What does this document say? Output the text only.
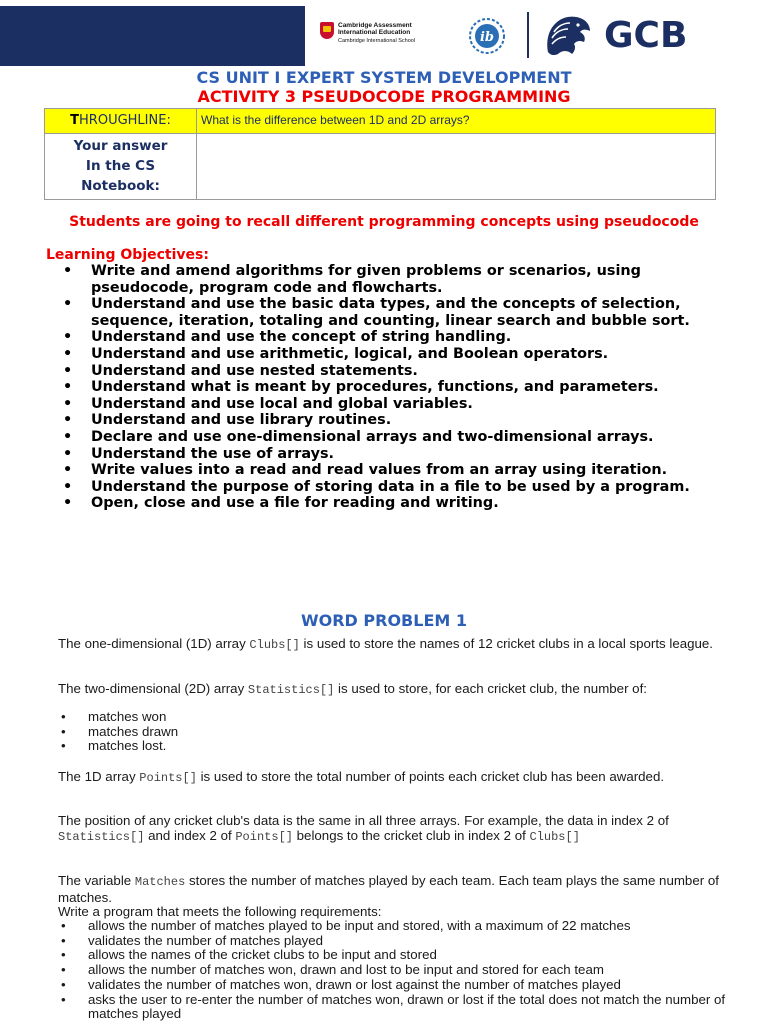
Cambridge Assessment
International Education
Cambridge International School	ib	GCB
CS UNIT I EXPERT SYSTEM DEVELOPMENT
ACTIVITY 3 PSEUDOCODE PROGRAMMING
THROUGHLINE:	What is the difference between 1D and 2D arrays?

Your answer
In the CS
Notebook:	

Students are going to recall different programming concepts using pseudocode
Learning Objectives:
• Write and amend algorithms for given problems or scenarios, using pseudocode, program code and flowcharts.
• Understand and use the basic data types, and the concepts of selection, sequence, iteration, totaling and counting, linear search and bubble sort.
• Understand and use the concept of string handling.
• Understand and use arithmetic, logical, and Boolean operators.
• Understand and use nested statements.
• Understand what is meant by procedures, functions, and parameters.
• Understand and use local and global variables.
• Understand and use library routines.
• Declare and use one-dimensional arrays and two-dimensional arrays.
• Understand the use of arrays.
• Write values into a read and read values from an array using iteration.
• Understand the purpose of storing data in a file to be used by a program.
• Open, close and use a file for reading and writing.
WORD PROBLEM 1

The one-dimensional (1D) array Clubs[] is used to store the names of 12 cricket clubs in a local sports league.

The two-dimensional (2D) array Statistics[] is used to store, for each cricket club, the number of:

• matches won
• matches drawn
• matches lost.

The 1D array Points[] is used to store the total number of points each cricket club has been awarded.

The position of any cricket club's data is the same in all three arrays. For example, the data in index 2 of Statistics[] and index 2 of Points[] belongs to the cricket club in index 2 of Clubs[]

The variable Matches stores the number of matches played by each team. Each team plays the same number of matches.

Write a program that meets the following requirements:

• allows the number of matches played to be input and stored, with a maximum of 22 matches
• validates the number of matches played
• allows the names of the cricket clubs to be input and stored
• allows the number of matches won, drawn and lost to be input and stored for each team
• validates the number of matches won, drawn or lost against the number of matches played
• asks the user to re-enter the number of matches won, drawn or lost if the total does not match the number of matches played
